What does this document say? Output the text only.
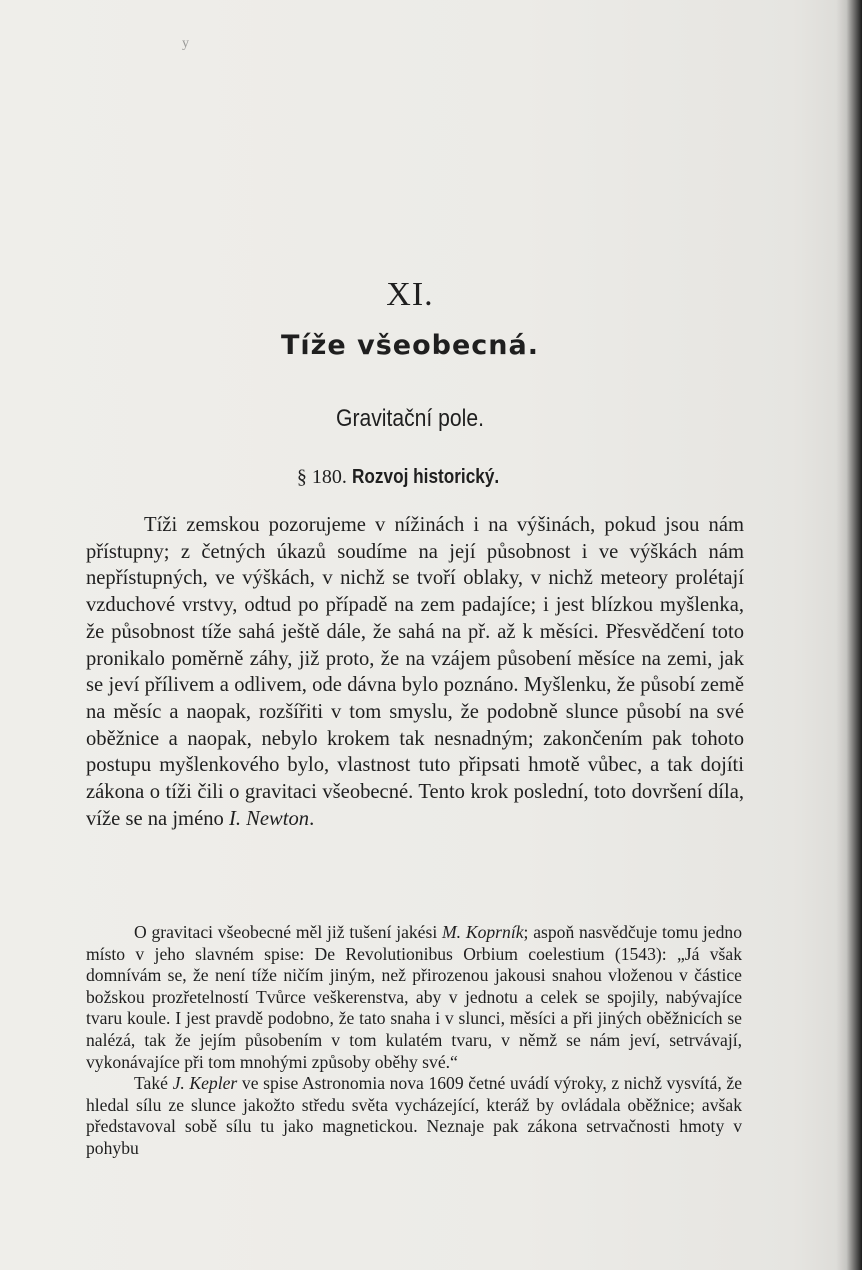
y
XI.
Tíže všeobecná.
Gravitační pole.
§ 180. Rozvoj historický.

Tíži zemskou pozorujeme v nížinách i na výšinách, pokud jsou nám přístupny; z četných úkazů soudíme na její působnost i ve výškách nám nepřístupných, ve výškách, v nichž se tvoří oblaky, v nichž meteory prolétají vzduchové vrstvy, odtud po případě na zem padajíce; i jest blízkou myšlenka, že působnost tíže sahá ještě dále, že sahá na př. až k měsíci. Přesvědčení toto pronikalo poměrně záhy, již proto, že na vzájem působení měsíce na zemi, jak se jeví přílivem a odlivem, ode dávna bylo poznáno. Myšlenku, že působí země na měsíc a naopak, rozšířiti v tom smyslu, že podobně slunce působí na své oběžnice a naopak, nebylo krokem tak nesnadným; zakončením pak tohoto postupu myšlenkového bylo, vlastnost tuto připsati hmotě vůbec, a tak dojíti zákona o tíži čili o gravitaci všeobecné. Tento krok poslední, toto dovršení díla, víže se na jméno I. Newton.

O gravitaci všeobecné měl již tušení jakési M. Koprník; aspoň nasvědčuje tomu jedno místo v jeho slavném spise: De Revolutionibus Orbium coelestium (1543): „Já však domnívám se, že není tíže ničím jiným, než přirozenou jakousi snahou vloženou v částice božskou prozřetelností Tvůrce veškerenstva, aby v jednotu a celek se spojily, nabývajíce tvaru koule. I jest pravdě podobno, že tato snaha i v slunci, měsíci a při jiných oběžnicích se nalézá, tak že jejím působením v tom kulatém tvaru, v němž se nám jeví, setrvávají, vykonávajíce při tom mnohými způsoby oběhy své.“

Také J. Kepler ve spise Astronomia nova 1609 četné uvádí výroky, z nichž vysvítá, že hledal sílu ze slunce jakožto středu světa vycházející, kteráž by ovládala oběžnice; avšak představoval sobě sílu tu jako magnetickou. Neznaje pak zákona setrvačnosti hmoty v pohybu
